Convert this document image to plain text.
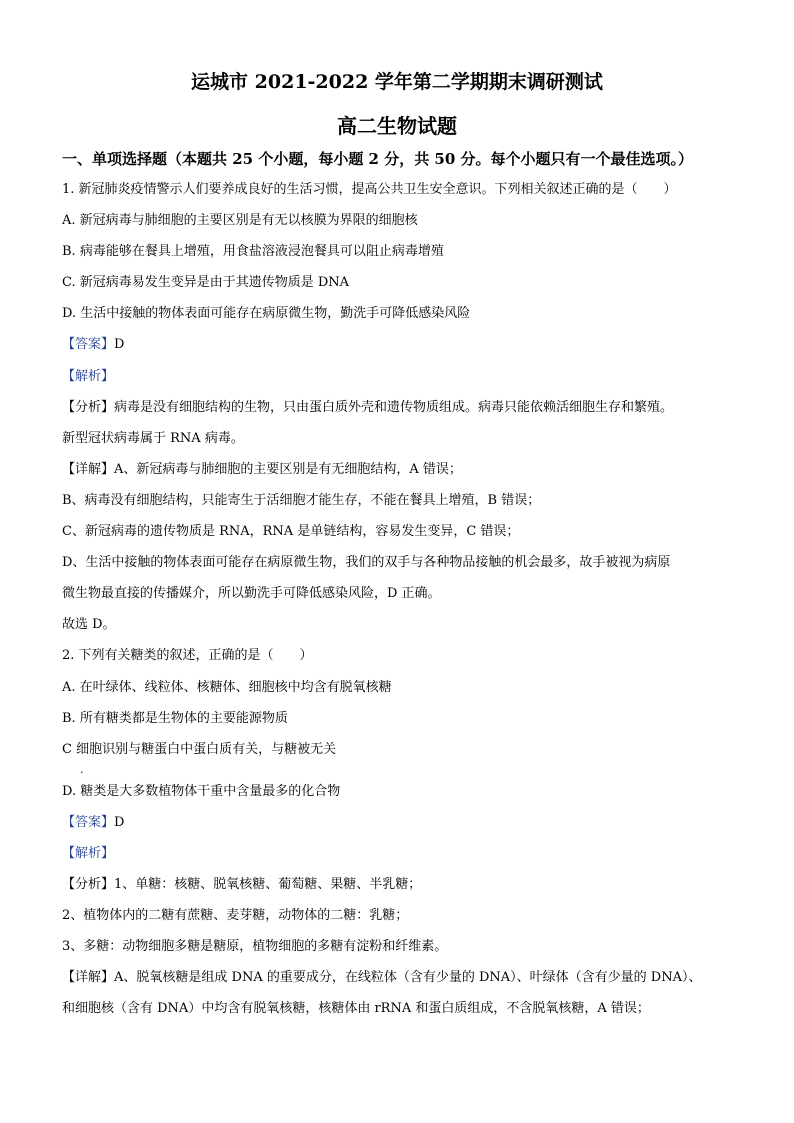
运城市 2021-2022 学年第二学期期末调研测试
高二生物试题
一、单项选择题（本题共 25 个小题，每小题 2 分，共 50 分。每个小题只有一个最佳选项。）
1. 新冠肺炎疫情警示人们要养成良好的生活习惯，提高公共卫生安全意识。下列相关叙述正确的是（　　）
A. 新冠病毒与肺细胞的主要区别是有无以核膜为界限的细胞核
B. 病毒能够在餐具上增殖，用食盐溶液浸泡餐具可以阻止病毒增殖
C. 新冠病毒易发生变异是由于其遗传物质是 DNA
D. 生活中接触的物体表面可能存在病原微生物，勤洗手可降低感染风险
【答案】D
【解析】
【分析】病毒是没有细胞结构的生物，只由蛋白质外壳和遗传物质组成。病毒只能依赖活细胞生存和繁殖。
新型冠状病毒属于 RNA 病毒。
【详解】A、新冠病毒与肺细胞的主要区别是有无细胞结构，A 错误；
B、病毒没有细胞结构，只能寄生于活细胞才能生存，不能在餐具上增殖，B 错误；
C、新冠病毒的遗传物质是 RNA，RNA 是单链结构，容易发生变异，C 错误；
D、生活中接触的物体表面可能存在病原微生物，我们的双手与各种物品接触的机会最多，故手被视为病原
微生物最直接的传播媒介，所以勤洗手可降低感染风险，D 正确。
故选 D。
2. 下列有关糖类的叙述，正确的是（　　）
A. 在叶绿体、线粒体、核糖体、细胞核中均含有脱氧核糖
B. 所有糖类都是生物体的主要能源物质
C 细胞识别与糖蛋白中蛋白质有关，与糖被无关
D. 糖类是大多数植物体干重中含量最多的化合物
【答案】D
【解析】
【分析】1、单糖：核糖、脱氧核糖、葡萄糖、果糖、半乳糖；
2、植物体内的二糖有蔗糖、麦芽糖，动物体的二糖：乳糖；
3、多糖：动物细胞多糖是糖原，植物细胞的多糖有淀粉和纤维素。
【详解】A、脱氧核糖是组成 DNA 的重要成分，在线粒体（含有少量的 DNA）、叶绿体（含有少量的 DNA）、
和细胞核（含有 DNA）中均含有脱氧核糖，核糖体由 rRNA 和蛋白质组成，不含脱氧核糖，A 错误；
.
